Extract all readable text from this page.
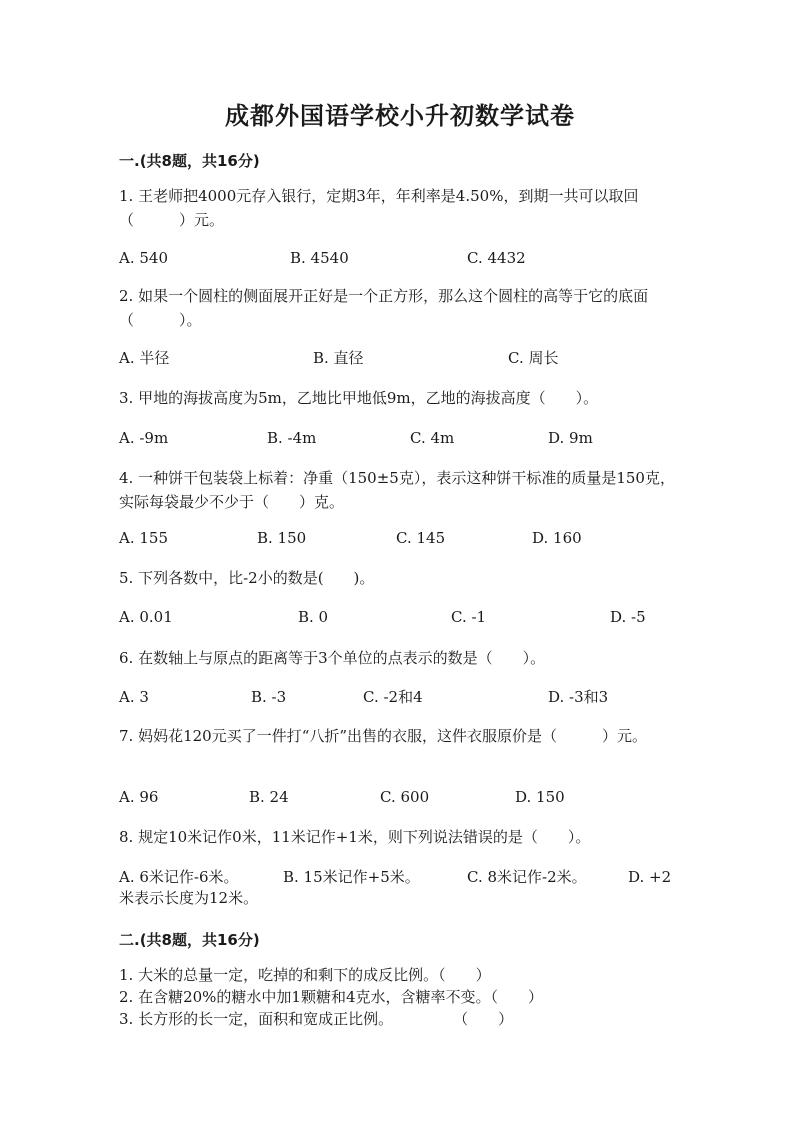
成都外国语学校小升初数学试卷
一.(共8题，共16分)
1. 王老师把4000元存入银行，定期3年，年利率是4.50%，到期一共可以取回（　　　）元。
A. 540	B. 4540	C. 4432
2. 如果一个圆柱的侧面展开正好是一个正方形，那么这个圆柱的高等于它的底面（　　　）。
A. 半径	B. 直径	C. 周长
3. 甲地的海拔高度为5m，乙地比甲地低9m，乙地的海拔高度（　　）。
A. -9m	B. -4m	C. 4m	D. 9m
4. 一种饼干包装袋上标着：净重（150±5克），表示这种饼干标准的质量是150克，实际每袋最少不少于（　　）克。
A. 155	B. 150	C. 145	D. 160
5. 下列各数中，比-2小的数是(　　)。
A. 0.01	B. 0	C. -1	D. -5
6. 在数轴上与原点的距离等于3个单位的点表示的数是（　　）。
A. 3	B. -3	C. -2和4	D. -3和3
7. 妈妈花120元买了一件打“八折”出售的衣服，这件衣服原价是（　　　）元。
A. 96	B. 24	C. 600	D. 150
8. 规定10米记作0米，11米记作+1米，则下列说法错误的是（　　）。
A. 6米记作-6米。	B. 15米记作+5米。	C. 8米记作-2米。	D. +2
米表示长度为12米。
二.(共8题，共16分)
1. 大米的总量一定，吃掉的和剩下的成反比例。（　　）
2. 在含糖20%的糖水中加1颗糖和4克水，含糖率不变。（　　）
3. 长方形的长一定，面积和宽成正比例。　　　　　（　　）
